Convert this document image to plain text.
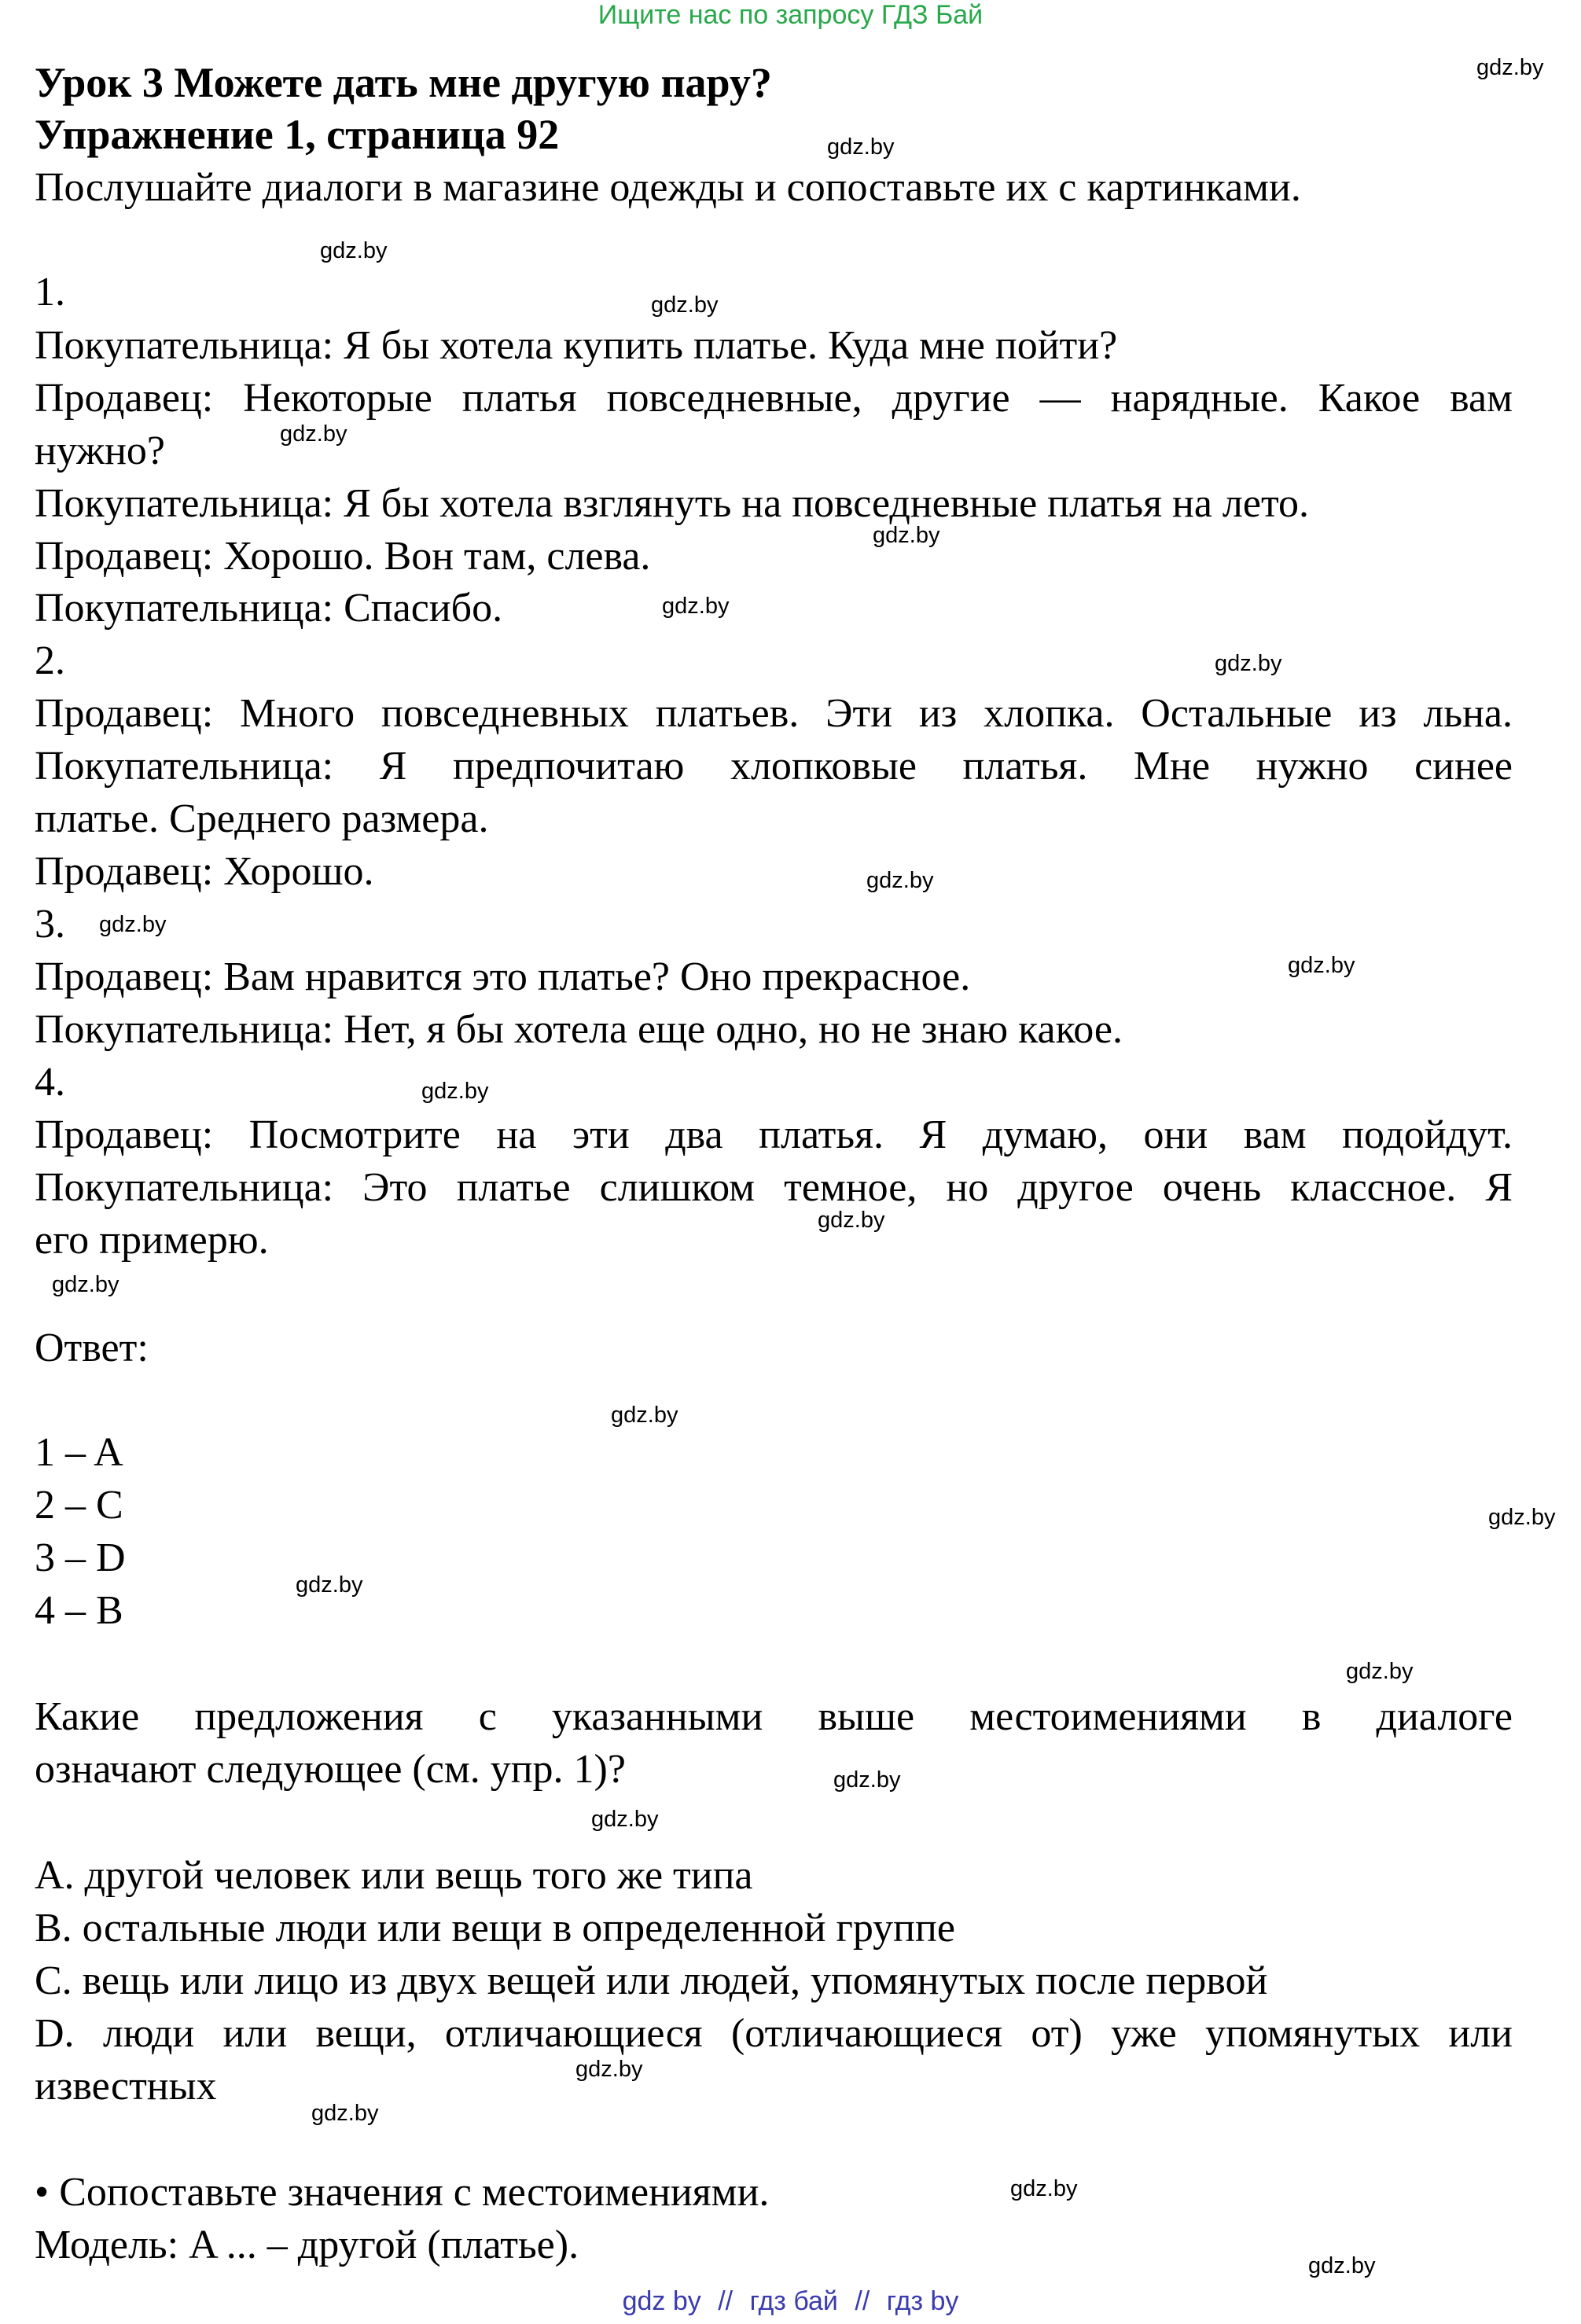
Ищите нас по запросу ГДЗ Бай
Урок 3 Можете дать мне другую пару?
Упражнение 1, страница 92
Послушайте диалоги в магазине одежды и сопоставьте их с картинками.
1.
Покупательница: Я бы хотела купить платье. Куда мне пойти?
Продавец: Некоторые платья повседневные, другие — нарядные. Какое вам
нужно?
Покупательница: Я бы хотела взглянуть на повседневные платья на лето.
Продавец: Хорошо. Вон там, слева.
Покупательница: Спасибо.
2.
Продавец: Много повседневных платьев. Эти из хлопка. Остальные из льна.
Покупательница: Я предпочитаю хлопковые платья. Мне нужно синее
платье. Среднего размера.
Продавец: Хорошо.
3.
Продавец: Вам нравится это платье? Оно прекрасное.
Покупательница: Нет, я бы хотела еще одно, но не знаю какое.
4.
Продавец: Посмотрите на эти два платья. Я думаю, они вам подойдут.
Покупательница: Это платье слишком темное, но другое очень классное. Я
его примерю.
Ответ:
1 – A
2 – C
3 – D
4 – B
Какие предложения с указанными выше местоимениями в диалоге
означают следующее (см. упр. 1)?
A. другой человек или вещь того же типа
B. остальные люди или вещи в определенной группе
C. вещь или лицо из двух вещей или людей, упомянутых после первой
D. люди или вещи, отличающиеся (отличающиеся от) уже упомянутых или
известных
• Сопоставьте значения с местоимениями.
Модель: A ... – другой (платье).
gdz.by
gdz.by
gdz.by
gdz.by
gdz.by
gdz.by
gdz.by
gdz.by
gdz.by
gdz.by
gdz.by
gdz.by
gdz.by
gdz.by
gdz.by
gdz.by
gdz.by
gdz.by
gdz.by
gdz.by
gdz.by
gdz.by
gdz.by
gdz.by
gdz by // гдз бай // гдз by
